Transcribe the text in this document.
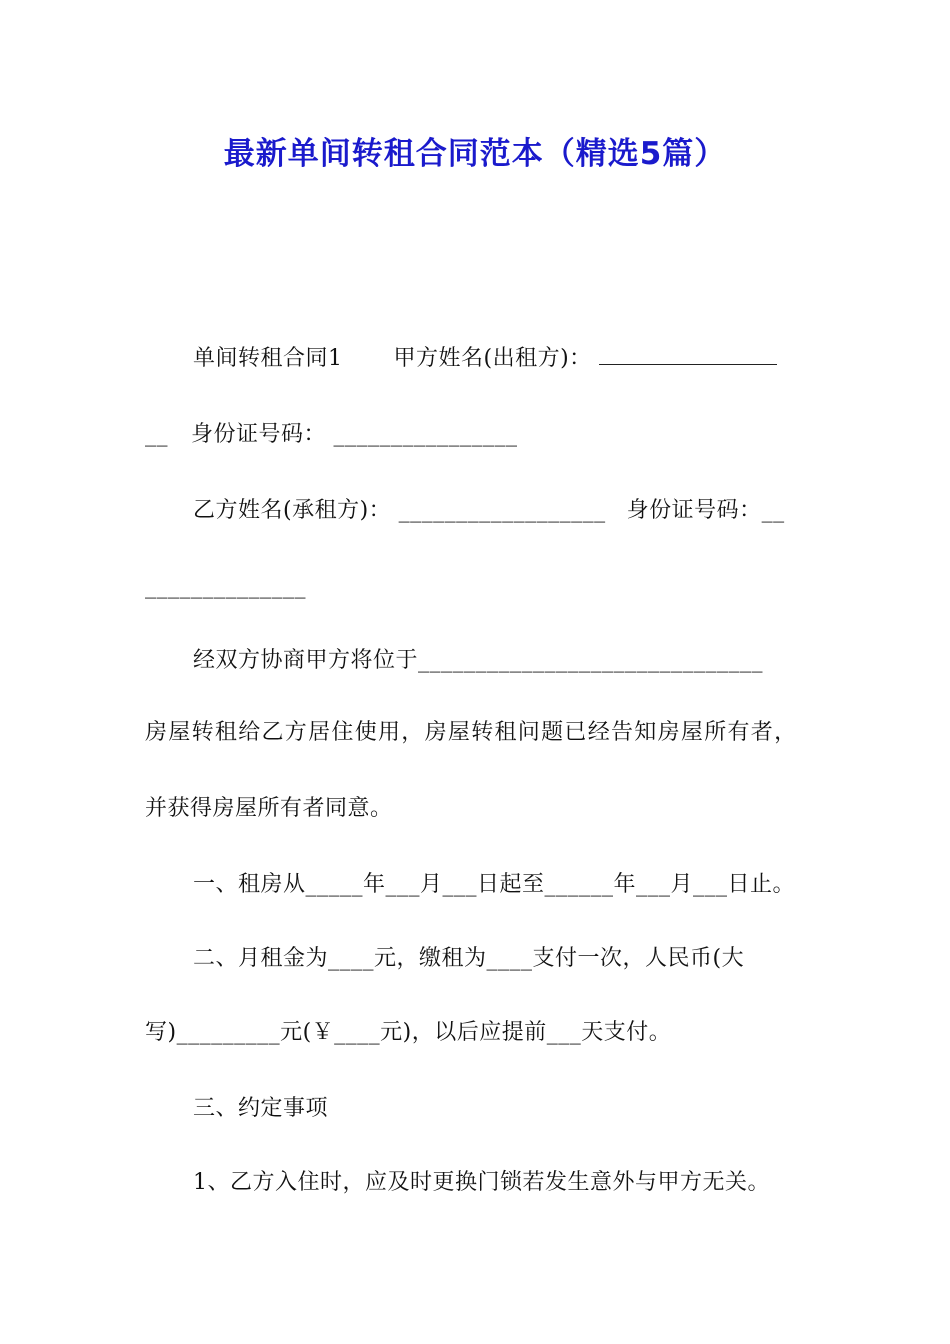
最新单间转租合同范本（精选5篇）
单间转租合同1 甲方姓名(出租方)：
__ 身份证号码： ________________
乙方姓名(承租方)： __________________ 身份证号码：__
______________
经双方协商甲方将位于______________________________
房屋转租给乙方居住使用，房屋转租问题已经告知房屋所有者，
并获得房屋所有者同意。
一、租房从_____年___月___日起至______年___月___日止。
二、月租金为____元，缴租为____支付一次，人民币(大
写)_________元(￥____元)，以后应提前___天支付。
三、约定事项
1、乙方入住时，应及时更换门锁若发生意外与甲方无关。
